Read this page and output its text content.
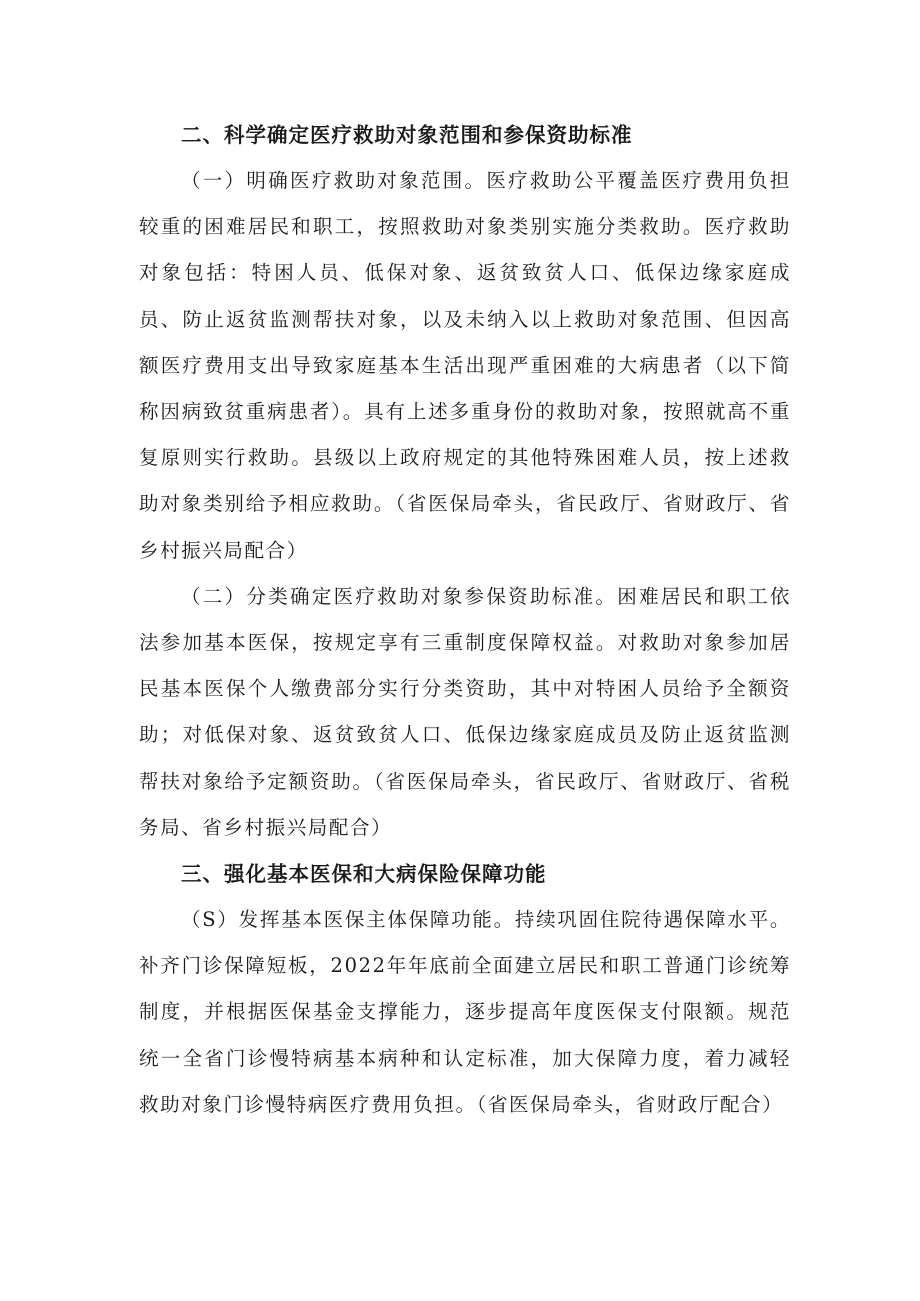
二、科学确定医疗救助对象范围和参保资助标准

（一）明确医疗救助对象范围。医疗救助公平覆盖医疗费用负担较重的困难居民和职工，按照救助对象类别实施分类救助。医疗救助对象包括：特困人员、低保对象、返贫致贫人口、低保边缘家庭成员、防止返贫监测帮扶对象，以及未纳入以上救助对象范围、但因高额医疗费用支出导致家庭基本生活出现严重困难的大病患者（以下简称因病致贫重病患者）。具有上述多重身份的救助对象，按照就高不重复原则实行救助。县级以上政府规定的其他特殊困难人员，按上述救助对象类别给予相应救助。（省医保局牵头，省民政厅、省财政厅、省乡村振兴局配合）

（二）分类确定医疗救助对象参保资助标准。困难居民和职工依法参加基本医保，按规定享有三重制度保障权益。对救助对象参加居民基本医保个人缴费部分实行分类资助，其中对特困人员给予全额资助；对低保对象、返贫致贫人口、低保边缘家庭成员及防止返贫监测帮扶对象给予定额资助。（省医保局牵头，省民政厅、省财政厅、省税务局、省乡村振兴局配合）

三、强化基本医保和大病保险保障功能

（S）发挥基本医保主体保障功能。持续巩固住院待遇保障水平。补齐门诊保障短板，2022年年底前全面建立居民和职工普通门诊统筹制度，并根据医保基金支撑能力，逐步提高年度医保支付限额。规范统一全省门诊慢特病基本病种和认定标准，加大保障力度，着力减轻救助对象门诊慢特病医疗费用负担。（省医保局牵头，省财政厅配合）
